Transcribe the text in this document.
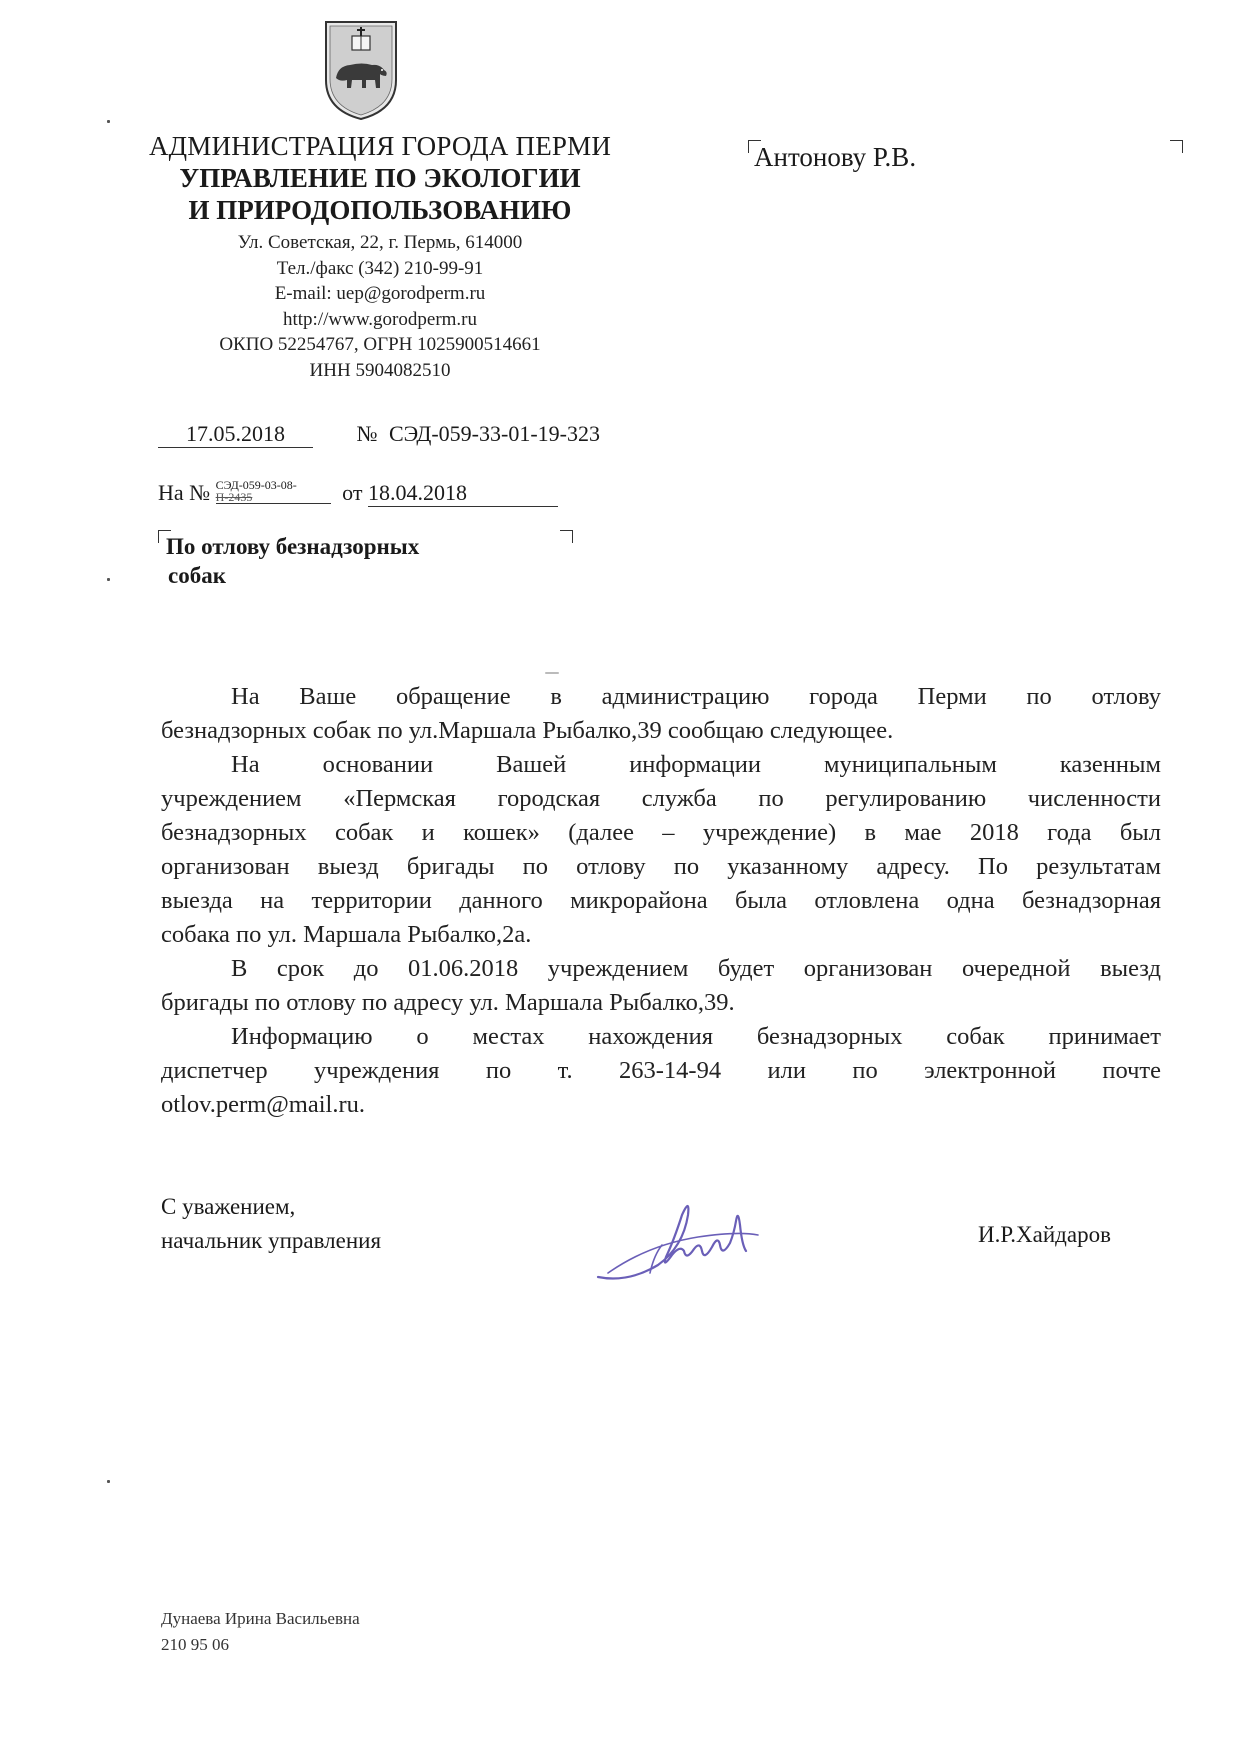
АДМИНИСТРАЦИЯ ГОРОДА ПЕРМИ
УПРАВЛЕНИЕ ПО ЭКОЛОГИИ
И ПРИРОДОПОЛЬЗОВАНИЮ
Ул. Советская, 22, г. Пермь, 614000
Тел./факс (342) 210-99-91
E-mail: uep@gorodperm.ru
http://www.gorodperm.ru
ОКПО 52254767, ОГРН 1025900514661
ИНН 5904082510
Антонову Р.В.
17.05.2018	№ СЭД-059-33-01-19-323
На № СЭД-059-03-08-
П-2435	от 18.04.2018
По отлову безнадзорных
собак
На Ваше обращение в администрацию города Перми по отлову
безнадзорных собак по ул.Маршала Рыбалко,39 сообщаю следующее.
На основании Вашей информации муниципальным казенным
учреждением «Пермская городская служба по регулированию численности
безнадзорных собак и кошек» (далее – учреждение) в мае 2018 года был
организован выезд бригады по отлову по указанному адресу. По результатам
выезда на территории данного микрорайона была отловлена одна безнадзорная
собака по ул. Маршала Рыбалко,2а.
В срок до 01.06.2018 учреждением будет организован очередной выезд
бригады по отлову по адресу ул. Маршала Рыбалко,39.
Информацию о местах нахождения безнадзорных собак принимает
диспетчер учреждения по т. 263-14-94 или по электронной почте
otlov.perm@mail.ru.
С уважением,
начальник управления	И.Р.Хайдаров
Дунаева Ирина Васильевна
210 95 06
